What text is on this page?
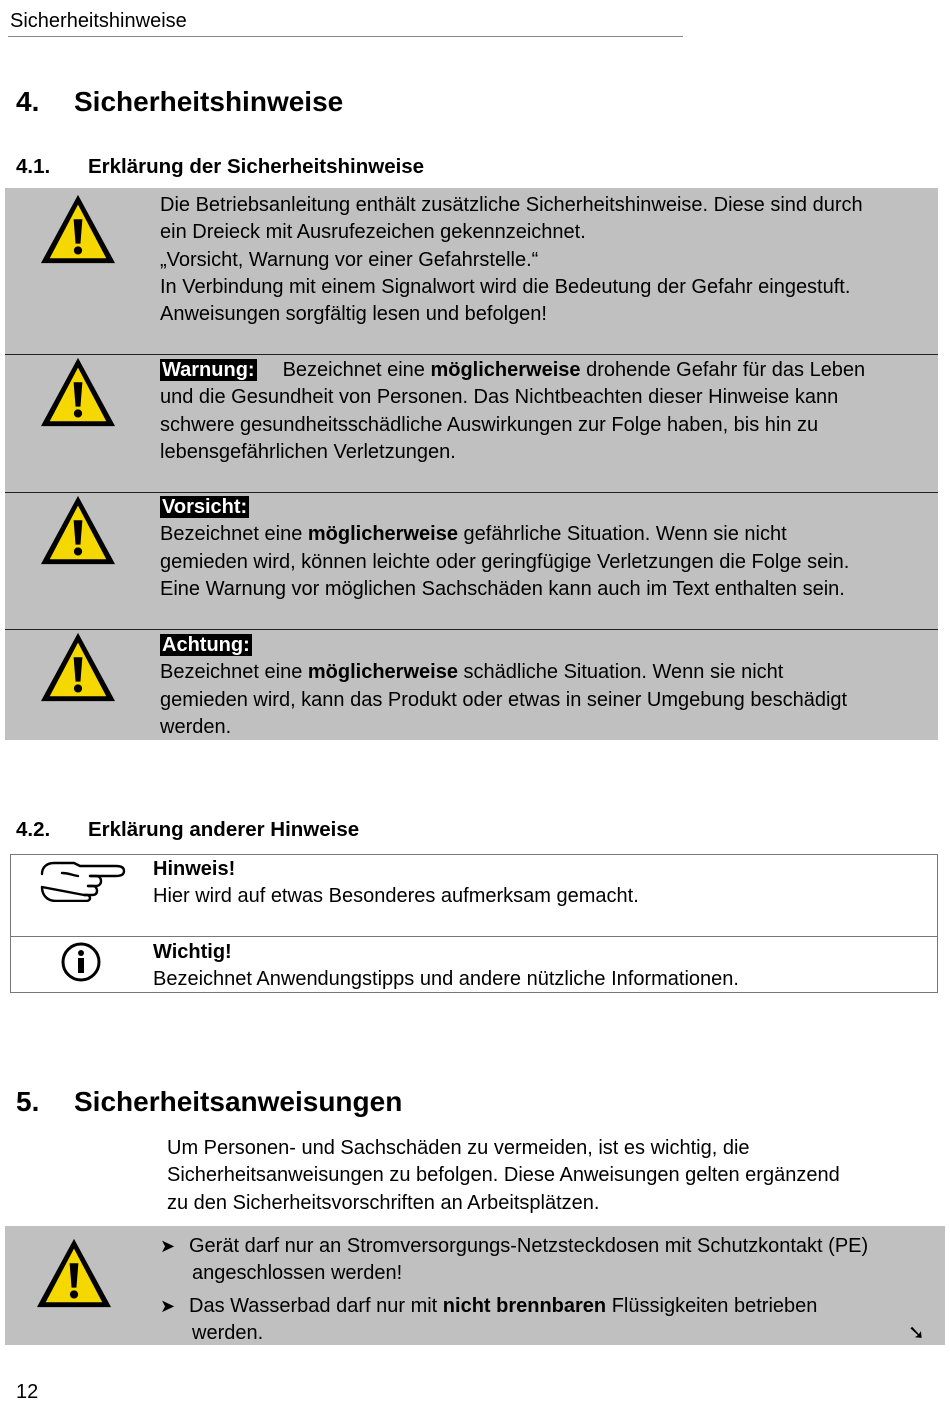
Sicherheitshinweise
4. Sicherheitshinweise
4.1. Erklärung der Sicherheitshinweise
Die Betriebsanleitung enthält zusätzliche Sicherheitshinweise. Diese sind durch
ein Dreieck mit Ausrufezeichen gekennzeichnet.
„Vorsicht, Warnung vor einer Gefahrstelle.“
In Verbindung mit einem Signalwort wird die Bedeutung der Gefahr eingestuft.
Anweisungen sorgfältig lesen und befolgen!
Warnung: Bezeichnet eine möglicherweise drohende Gefahr für das Leben
und die Gesundheit von Personen. Das Nichtbeachten dieser Hinweise kann
schwere gesundheitsschädliche Auswirkungen zur Folge haben, bis hin zu
lebensgefährlichen Verletzungen.
Vorsicht:
Bezeichnet eine möglicherweise gefährliche Situation. Wenn sie nicht
gemieden wird, können leichte oder geringfügige Verletzungen die Folge sein.
Eine Warnung vor möglichen Sachschäden kann auch im Text enthalten sein.
Achtung:
Bezeichnet eine möglicherweise schädliche Situation. Wenn sie nicht
gemieden wird, kann das Produkt oder etwas in seiner Umgebung beschädigt
werden.
4.2. Erklärung anderer Hinweise
Hinweis!
Hier wird auf etwas Besonderes aufmerksam gemacht.
Wichtig!
Bezeichnet Anwendungstipps und andere nützliche Informationen.
5. Sicherheitsanweisungen
Um Personen- und Sachschäden zu vermeiden, ist es wichtig, die
Sicherheitsanweisungen zu befolgen. Diese Anweisungen gelten ergänzend
zu den Sicherheitsvorschriften an Arbeitsplätzen.
➤ Gerät darf nur an Stromversorgungs-Netzsteckdosen mit Schutzkontakt (PE)
angeschlossen werden!
➤ Das Wasserbad darf nur mit nicht brennbaren Flüssigkeiten betrieben
werden.	➘
12
